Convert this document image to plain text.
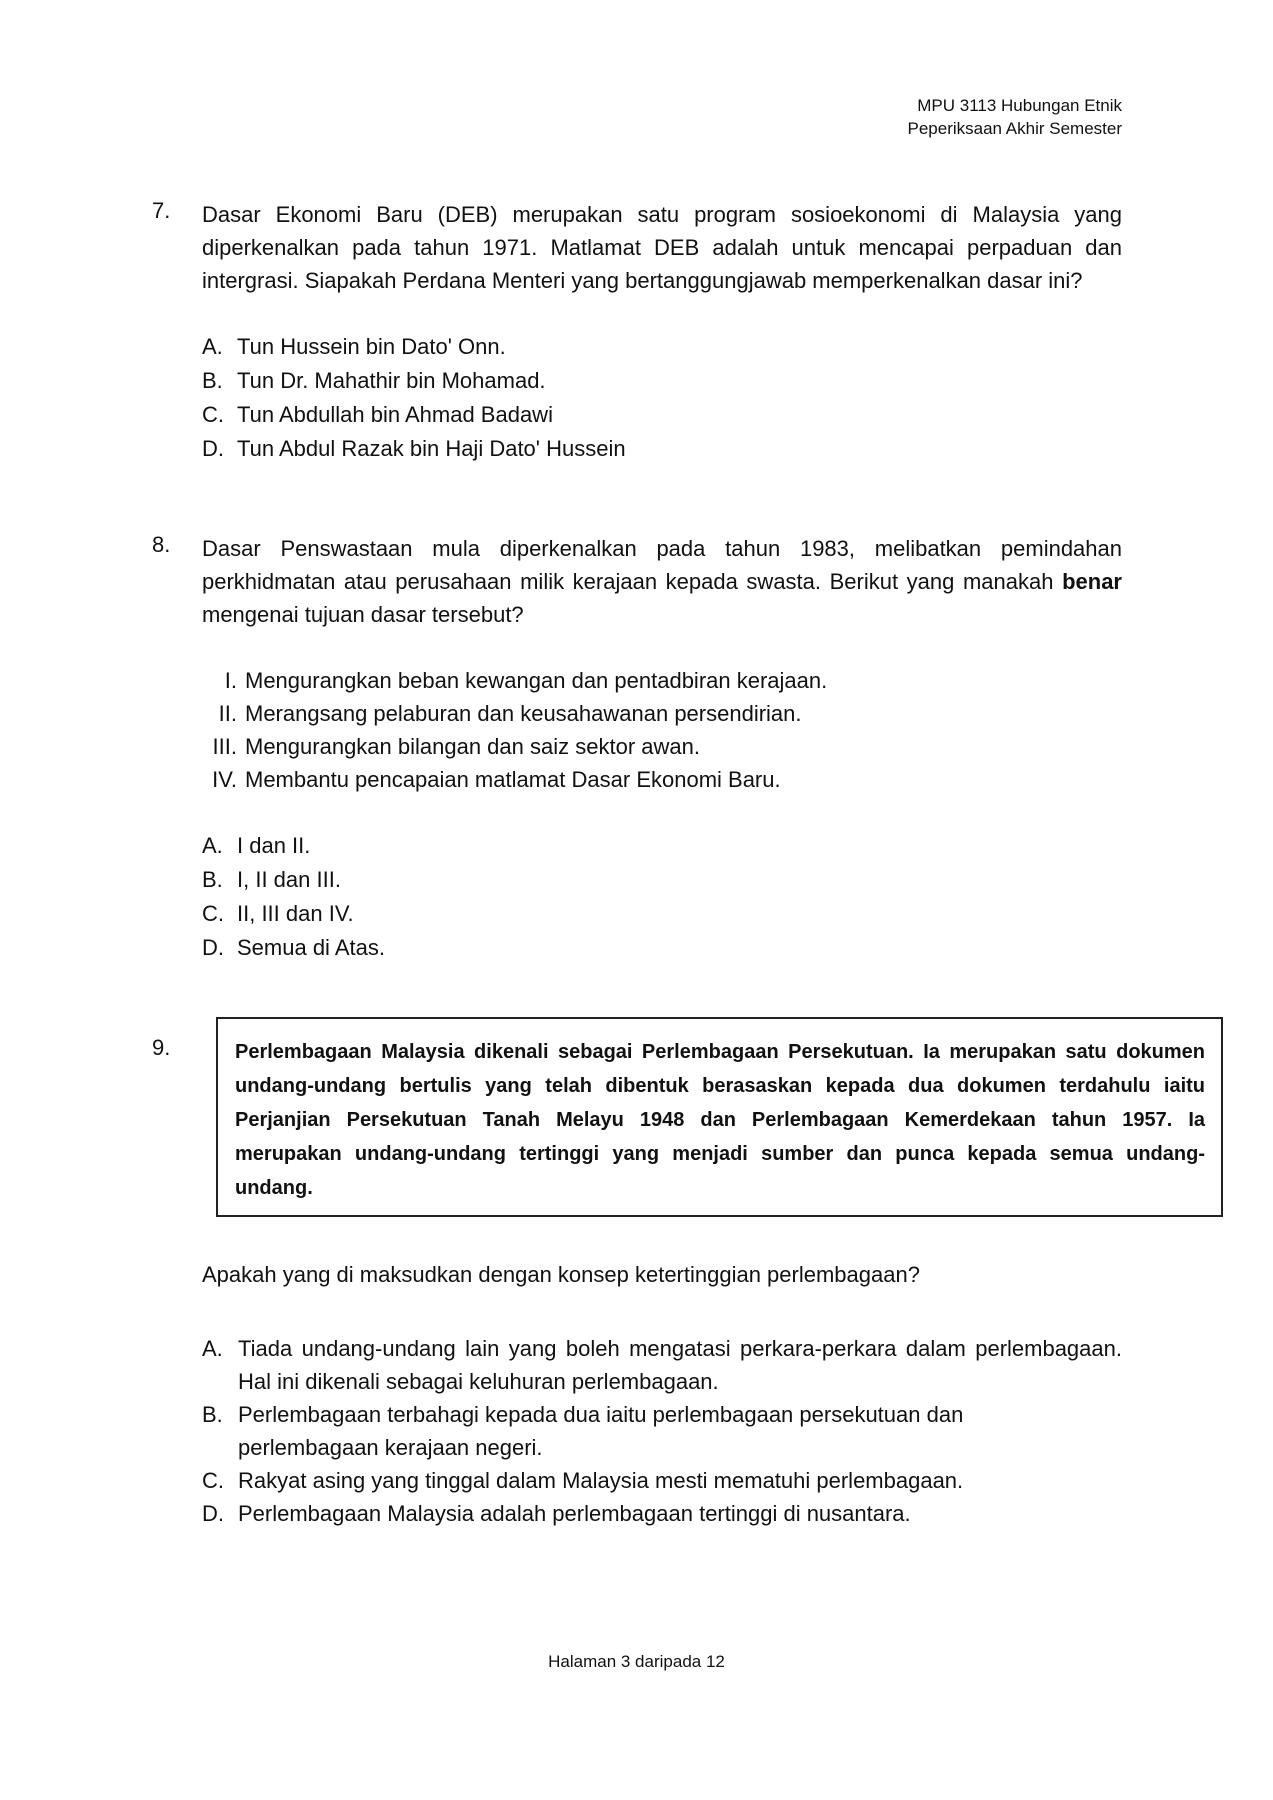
MPU 3113 Hubungan Etnik
Peperiksaan Akhir Semester
7. Dasar Ekonomi Baru (DEB) merupakan satu program sosioekonomi di Malaysia yang diperkenalkan pada tahun 1971. Matlamat DEB adalah untuk mencapai perpaduan dan intergrasi. Siapakah Perdana Menteri yang bertanggungjawab memperkenalkan dasar ini?
A. Tun Hussein bin Dato' Onn.
B. Tun Dr. Mahathir bin Mohamad.
C. Tun Abdullah bin Ahmad Badawi
D. Tun Abdul Razak bin Haji Dato' Hussein
8. Dasar Penswastaan mula diperkenalkan pada tahun 1983, melibatkan pemindahan perkhidmatan atau perusahaan milik kerajaan kepada swasta. Berikut yang manakah benar mengenai tujuan dasar tersebut?
I. Mengurangkan beban kewangan dan pentadbiran kerajaan.
II. Merangsang pelaburan dan keusahawanan persendirian.
III. Mengurangkan bilangan dan saiz sektor awan.
IV. Membantu pencapaian matlamat Dasar Ekonomi Baru.
A. I dan II.
B. I, II dan III.
C. II, III dan IV.
D. Semua di Atas.
9.	Perlembagaan Malaysia dikenali sebagai Perlembagaan Persekutuan. Ia merupakan satu dokumen undang-undang bertulis yang telah dibentuk berasaskan kepada dua dokumen terdahulu iaitu Perjanjian Persekutuan Tanah Melayu 1948 dan Perlembagaan Kemerdekaan tahun 1957. Ia merupakan undang-undang tertinggi yang menjadi sumber dan punca kepada semua undang-undang.
Apakah yang di maksudkan dengan konsep ketertinggian perlembagaan?
A. Tiada undang-undang lain yang boleh mengatasi perkara-perkara dalam perlembagaan. Hal ini dikenali sebagai keluhuran perlembagaan.
B. Perlembagaan terbahagi kepada dua iaitu perlembagaan persekutuan dan perlembagaan kerajaan negeri.
C. Rakyat asing yang tinggal dalam Malaysia mesti mematuhi perlembagaan.
D. Perlembagaan Malaysia adalah perlembagaan tertinggi di nusantara.
Halaman 3 daripada 12
